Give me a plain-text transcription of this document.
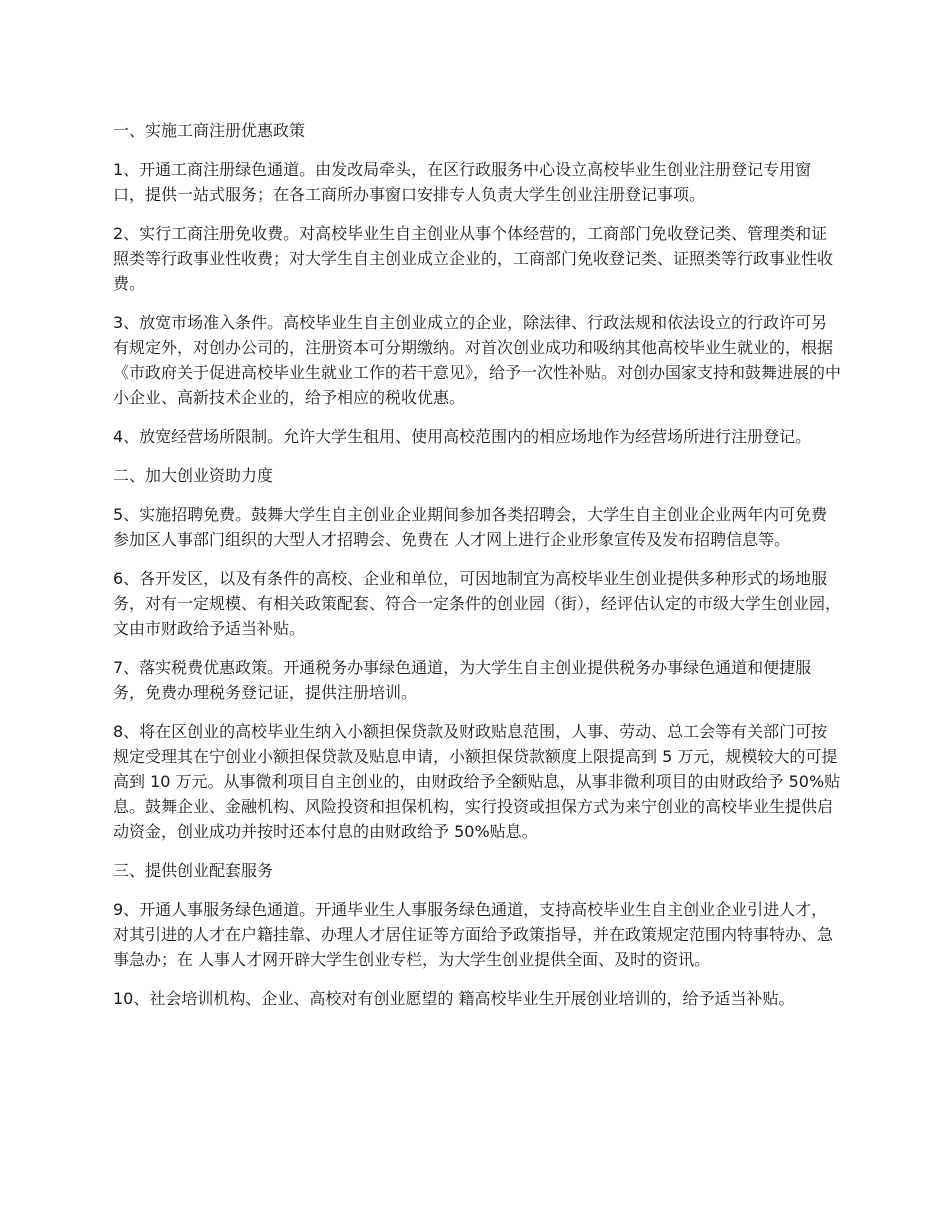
一、实施工商注册优惠政策

1、开通工商注册绿色通道。由发改局牵头，在区行政服务中心设立高校毕业生创业注册登记专用窗口，提供一站式服务；在各工商所办事窗口安排专人负责大学生创业注册登记事项。

2、实行工商注册免收费。对高校毕业生自主创业从事个体经营的，工商部门免收登记类、管理类和证照类等行政事业性收费；对大学生自主创业成立企业的，工商部门免收登记类、证照类等行政事业性收费。

3、放宽市场准入条件。高校毕业生自主创业成立的企业，除法律、行政法规和依法设立的行政许可另有规定外，对创办公司的，注册资本可分期缴纳。对首次创业成功和吸纳其他高校毕业生就业的，根据《市政府关于促进高校毕业生就业工作的若干意见》，给予一次性补贴。对创办国家支持和鼓舞进展的中小企业、高新技术企业的，给予相应的税收优惠。

4、放宽经营场所限制。允许大学生租用、使用高校范围内的相应场地作为经营场所进行注册登记。

二、加大创业资助力度

5、实施招聘免费。鼓舞大学生自主创业企业期间参加各类招聘会，大学生自主创业企业两年内可免费参加区人事部门组织的大型人才招聘会、免费在 人才网上进行企业形象宣传及发布招聘信息等。

6、各开发区，以及有条件的高校、企业和单位，可因地制宜为高校毕业生创业提供多种形式的场地服务，对有一定规模、有相关政策配套、符合一定条件的创业园（街），经评估认定的市级大学生创业园，文由市财政给予适当补贴。

7、落实税费优惠政策。开通税务办事绿色通道，为大学生自主创业提供税务办事绿色通道和便捷服务，免费办理税务登记证，提供注册培训。

8、将在区创业的高校毕业生纳入小额担保贷款及财政贴息范围，人事、劳动、总工会等有关部门可按规定受理其在宁创业小额担保贷款及贴息申请，小额担保贷款额度上限提高到 5 万元，规模较大的可提高到 10 万元。从事微利项目自主创业的，由财政给予全额贴息，从事非微利项目的由财政给予 50%贴息。鼓舞企业、金融机构、风险投资和担保机构，实行投资或担保方式为来宁创业的高校毕业生提供启动资金，创业成功并按时还本付息的由财政给予 50%贴息。

三、提供创业配套服务

9、开通人事服务绿色通道。开通毕业生人事服务绿色通道，支持高校毕业生自主创业企业引进人才，对其引进的人才在户籍挂靠、办理人才居住证等方面给予政策指导，并在政策规定范围内特事特办、急事急办；在 人事人才网开辟大学生创业专栏，为大学生创业提供全面、及时的资讯。

10、社会培训机构、企业、高校对有创业愿望的 籍高校毕业生开展创业培训的，给予适当补贴。
